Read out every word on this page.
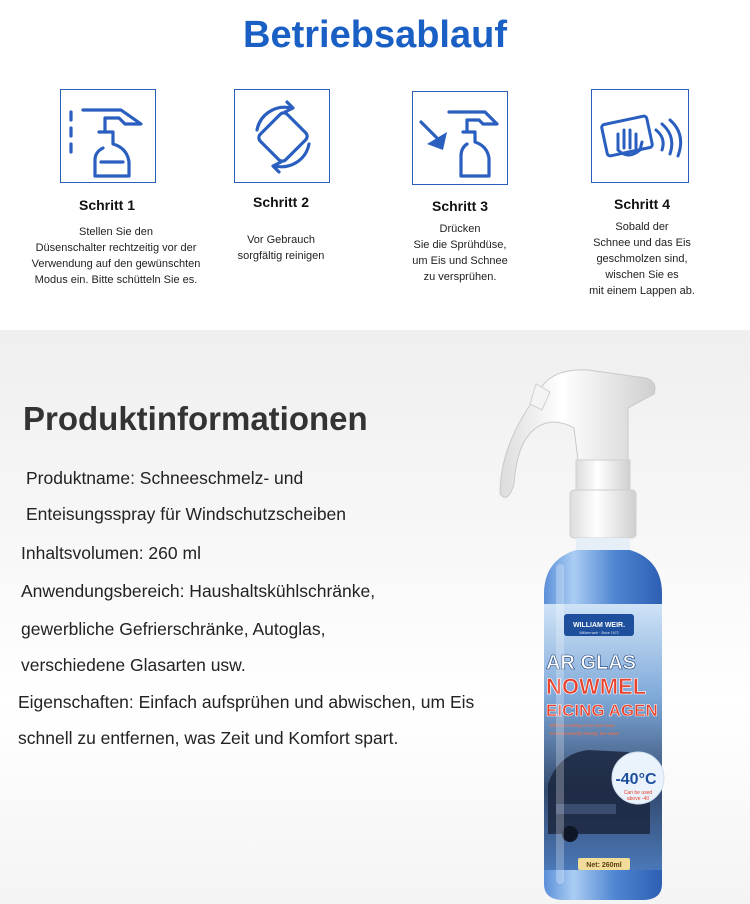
Betriebsablauf
Schritt 1
Stellen Sie den
Düsenschalter rechtzeitig vor der
Verwendung auf den gewünschten
Modus ein. Bitte schütteln Sie es.
Schritt 2
Vor Gebrauch
sorgfältig reinigen
Schritt 3
Drücken
Sie die Sprühdüse,
um Eis und Schnee
zu versprühen.
Schritt 4
Sobald der
Schnee und das Eis
geschmolzen sind,
wischen Sie es
mit einem Lappen ab.
Produktinformationen
Produktname: Schneeschmelz- und
Enteisungsspray für Windschutzscheiben
Inhaltsvolumen: 260 ml
Anwendungsbereich: Haushaltskühlschränke,
gewerbliche Gefrierschränke, Autoglas,
verschiedene Glasarten usw.
Eigenschaften: Einfach aufsprühen und abwischen, um Eis
schnell zu entfernen, was Zeit und Komfort spart.
WILLIAM WEIR.
William weir · Since 1972
AR GLAS
NOWMEL
EICING AGEN
Efficient melting of ice and snow
Environmentally friendly, low odour
-40°C
Can be used
above -40
Net: 260ml
